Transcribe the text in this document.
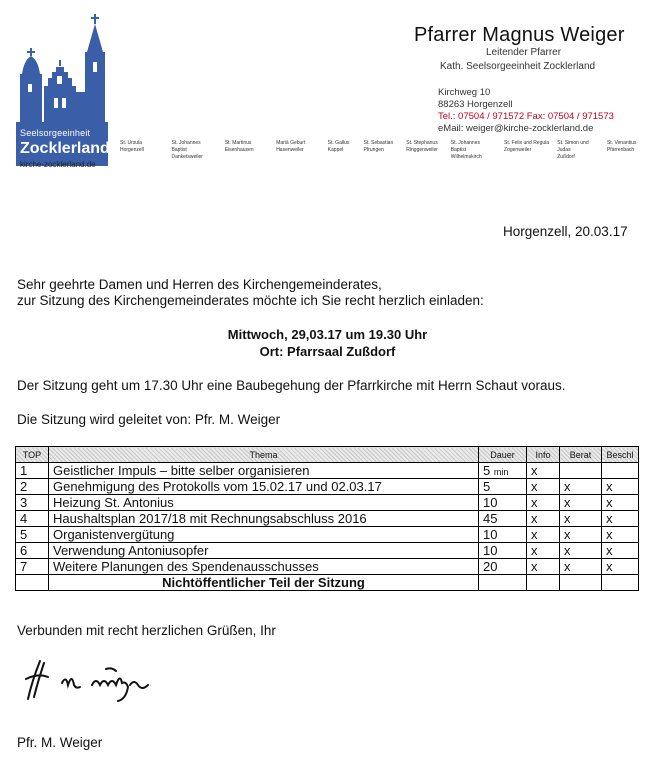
Seelsorgeeinheit
Zocklerland
kirche-zocklerland.de
Pfarrer Magnus Weiger
Leitender Pfarrer
Kath. Seelsorgeeinheit Zocklerland
Kirchweg 10
88263 Horgenzell
Tel.: 07504 / 971572 Fax: 07504 / 971573
eMail: weiger@kirche-zocklerland.de
St. Ursula
Horgenzell
St. Johannes Baptist
Danketsweiler
St. Martinus
Eisenhausen
Mariä Geburt
Hasenweiler
St. Gallus
Kappel
St. Sebastian
Pfrungen
St. Stephanus
Ringgenweiler
St. Johannes Baptist
Wilhelmskirch
St. Felix und Regula
Zogenweiler
St. Simon und Judas
Zußdorf
St. Venantius
Pfärrenbach
Horgenzell, 20.03.17
Sehr geehrte Damen und Herren des Kirchengemeinderates,
zur Sitzung des Kirchengemeinderates möchte ich Sie recht herzlich einladen:
Mittwoch, 29,03.17 um 19.30 Uhr
Ort: Pfarrsaal Zußdorf
Der Sitzung geht um 17.30 Uhr eine Baubegehung der Pfarrkirche mit Herrn Schaut voraus.
Die Sitzung wird geleitet von: Pfr. M. Weiger
TOP	Thema	Dauer	Info	Berat	Beschl
1	Geistlicher Impuls – bitte selber organisieren	5 min	x		
2	Genehmigung des Protokolls vom 15.02.17 und 02.03.17	5	x	x	x
3	Heizung St. Antonius	10	x	x	x
4	Haushaltsplan 2017/18 mit Rechnungsabschluss 2016	45	x	x	x
5	Organistenvergütung	10	x	x	x
6	Verwendung Antoniusopfer	10	x	x	x
7	Weitere Planungen des Spendenausschusses	20	x	x	x
	Nichtöffentlicher Teil der Sitzung				
Verbunden mit recht herzlichen Grüßen, Ihr
Pfr. M. Weiger
